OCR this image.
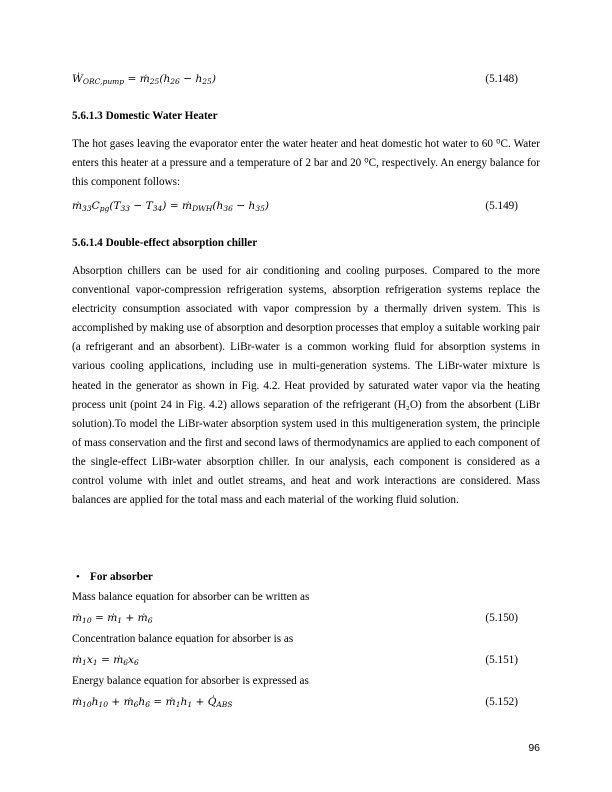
Ẇ$_{ORC,pump}$ = $ṁ_{25}(h_{26} - h_{25})$	(5.148)
5.6.1.3 Domestic Water Heater

The hot gases leaving the evaporator enter the water heater and heat domestic hot water to 60 ⁰C. Water enters this heater at a pressure and a temperature of 2 bar and 20 ⁰C, respectively. An energy balance for this component follows:

$ṁ_{33}C_{pg}(T_{33} - T_{34})$ = $ṁ_{DWH}(h_{36} - h_{35})$	(5.149)
5.6.1.4 Double-effect absorption chiller

Absorption chillers can be used for air conditioning and cooling purposes. Compared to the more conventional vapor-compression refrigeration systems, absorption refrigeration systems replace the electricity consumption associated with vapor compression by a thermally driven system. This is accomplished by making use of absorption and desorption processes that employ a suitable working pair (a refrigerant and an absorbent). LiBr-water is a common working fluid for absorption systems in various cooling applications, including use in multi-generation systems. The LiBr-water mixture is heated in the generator as shown in Fig. 4.2. Heat provided by saturated water vapor via the heating process unit (point 24 in Fig. 4.2) allows separation of the refrigerant (H₂O) from the absorbent (LiBr solution).To model the LiBr-water absorption system used in this multigeneration system, the principle of mass conservation and the first and second laws of thermodynamics are applied to each component of the single-effect LiBr-water absorption chiller. In our analysis, each component is considered as a control volume with inlet and outlet streams, and heat and work interactions are considered. Mass balances are applied for the total mass and each material of the working fluid solution.

• For absorber
Mass balance equation for absorber can be written as
ṁ$_{10}$ = ṁ$_1$ + ṁ$_6$	(5.150)
Concentration balance equation for absorber is as
$ṁ_1x_1$ = $ṁ_6x_6$	(5.151)
Energy balance equation for absorber is expressed as
$ṁ_{10}h_{10}$ + $ṁ_6h_6$ = $ṁ_1h_1$ + $Q̇_{ABS}$	(5.152)
96
